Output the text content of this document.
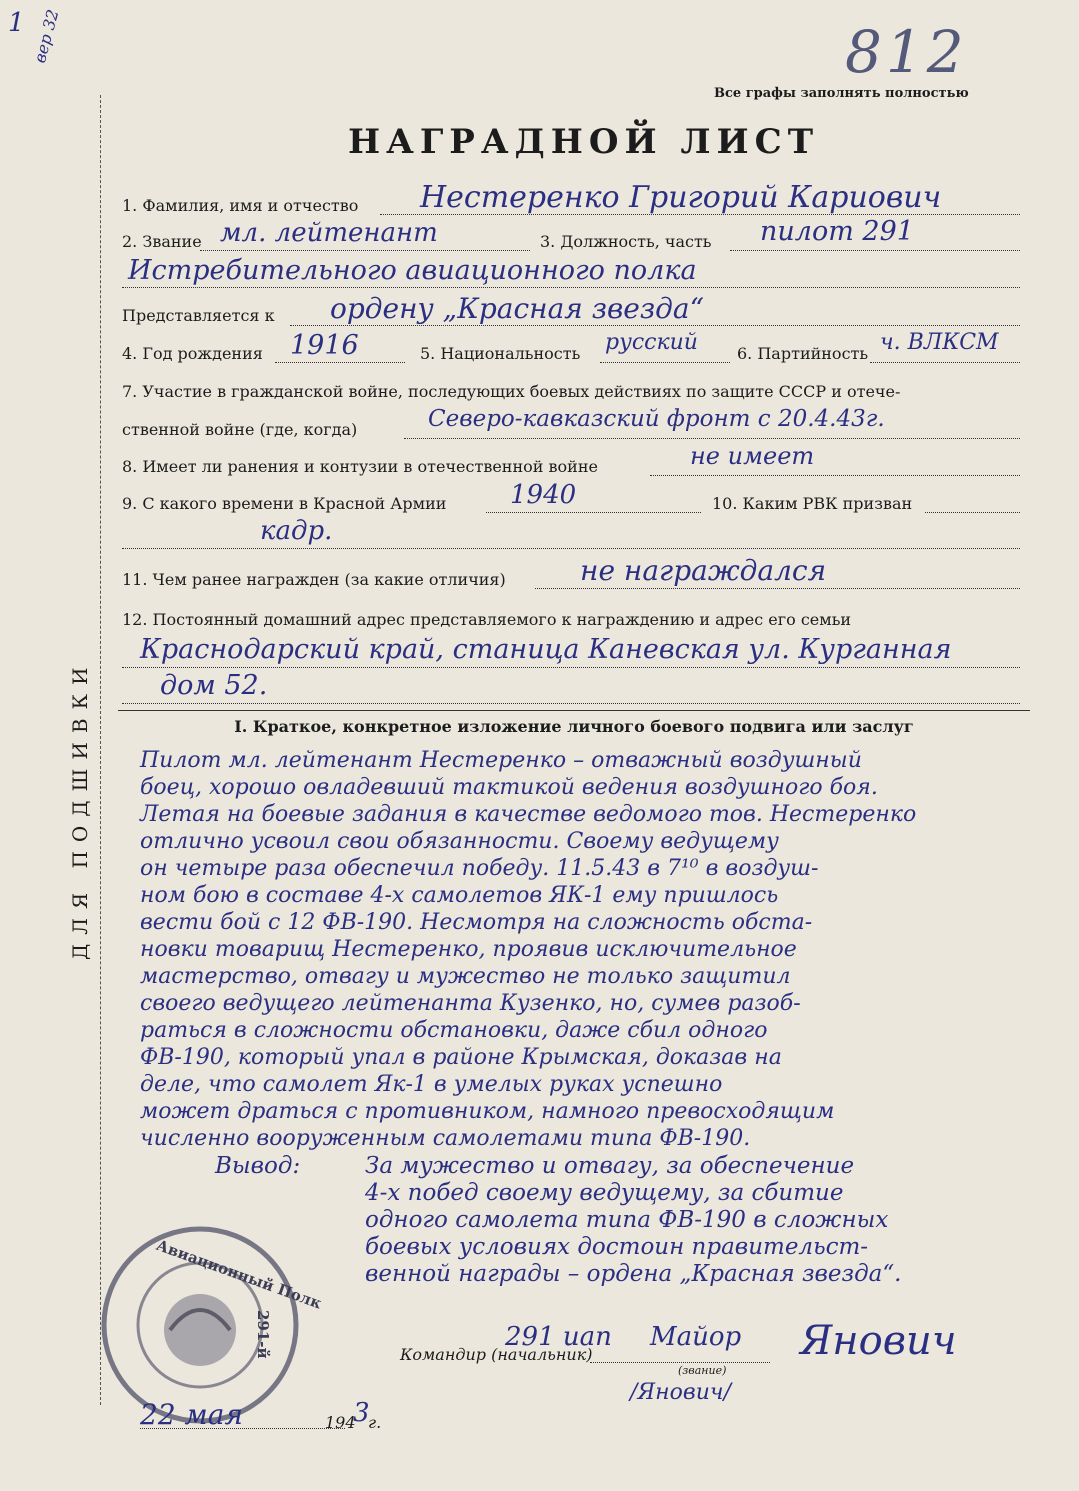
1 вер 32	812
Все графы заполнять полностью
НАГРАДНОЙ ЛИСТ
ДЛЯ ПОДШИВКИ
1. Фамилия, имя и отчество Нестеренко Григорий Кариович
2. Звание мл. лейтенант	3. Должность, часть пилот 291
Истребительного авиационного полка
Представляется к ордену „Красная звезда“
4. Год рождения 1916	5. Национальность русский 6. Партийность ч. ВЛКСМ
7. Участие в гражданской войне, последующих боевых действиях по защите СССР и отече-
ственной войне (где, когда)	Северо-кавказский фронт с 20.4.43г.
8. Имеет ли ранения и контузии в отечественной войне	не имеет
9. С какого времени в Красной Армии 1940	10. Каким РВК призван
кадр.
11. Чем ранее награжден (за какие отличия)	не награждался
12. Постоянный домашний адрес представляемого к награждению и адрес его семьи
Краснодарский край, станица Каневская ул. Курганная
дом 52.
I. Краткое, конкретное изложение личного боевого подвига или заслуг
Пилот мл. лейтенант Нестеренко – отважный воздушный
боец, хорошо овладевший тактикой ведения воздушного боя.
Летая на боевые задания в качестве ведомого тов. Нестеренко
отлично усвоил свои обязанности. Своему ведущему
он четыре раза обеспечил победу. 11.5.43 в 7¹⁰ в воздуш-
ном бою в составе 4-х самолетов ЯК-1 ему пришлось
вести бой с 12 ФВ-190. Несмотря на сложность обста-
новки товарищ Нестеренко, проявив исключительное
мастерство, отвагу и мужество не только защитил
своего ведущего лейтенанта Кузенко, но, сумев разоб-
раться в сложности обстановки, даже сбил одного
ФВ-190, который упал в районе Крымская, доказав на
деле, что самолет Як-1 в умелых руках успешно
может драться с противником, намного превосходящим
численно вооруженным самолетами типа ФВ-190.
Вывод:	За мужество и отвагу, за обеспечение
4-х побед своему ведущему, за сбитие
одного самолета типа ФВ-190 в сложных
боевых условиях достоин правительст-
венной награды – ордена „Красная звезда“.
Авиационный Полк
291-й	Командир (начальник)
291 иап Майор
(звание)
Янович
/Янович/
22 мая	194
3
г.
